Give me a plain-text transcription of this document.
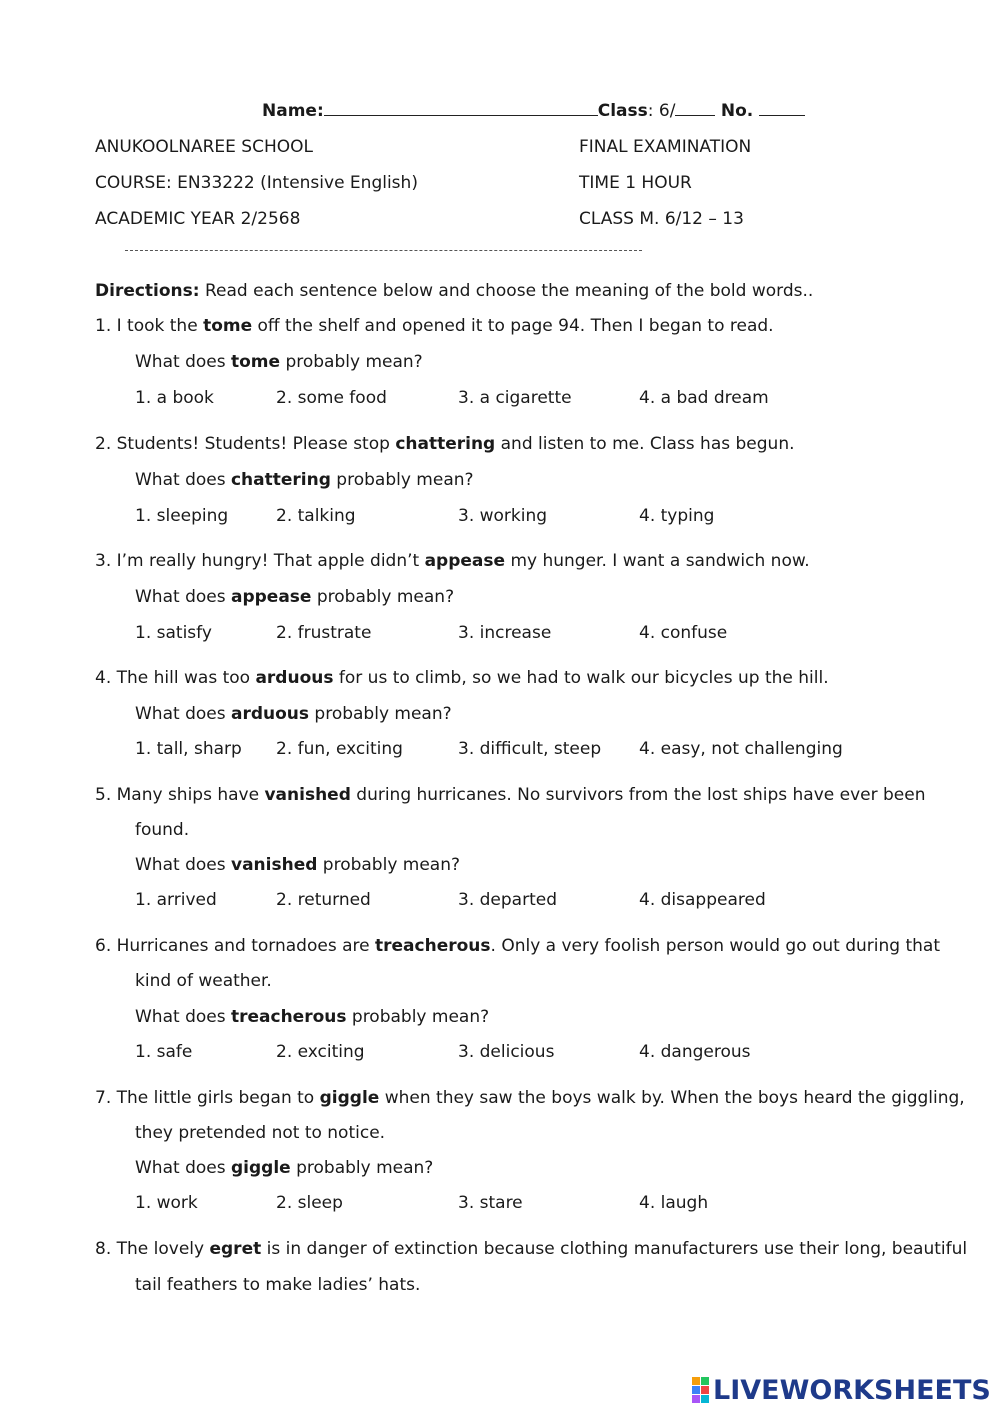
Name:	Class: 6/	No.
ANUKOOLNAREE SCHOOL	FINAL EXAMINATION
COURSE: EN33222 (Intensive English)	TIME 1 HOUR
ACADEMIC YEAR 2/2568	CLASS M. 6/12 – 13
Directions: Read each sentence below and choose the meaning of the bold words..
1. I took the tome off the shelf and opened it to page 94. Then I began to read.
What does tome probably mean?
1. a book	2. some food	3. a cigarette	4. a bad dream
2. Students! Students! Please stop chattering and listen to me. Class has begun.
What does chattering probably mean?
1. sleeping	2. talking	3. working	4. typing
3. I’m really hungry! That apple didn’t appease my hunger. I want a sandwich now.
What does appease probably mean?
1. satisfy	2. frustrate	3. increase	4. confuse
4. The hill was too arduous for us to climb, so we had to walk our bicycles up the hill.
What does arduous probably mean?
1. tall, sharp 2. fun, exciting	3. difficult, steep 4. easy, not challenging
5. Many ships have vanished during hurricanes. No survivors from the lost ships have ever been
found.
What does vanished probably mean?
1. arrived	2. returned	3. departed	4. disappeared
6. Hurricanes and tornadoes are treacherous. Only a very foolish person would go out during that
kind of weather.
What does treacherous probably mean?
1. safe	2. exciting	3. delicious	4. dangerous
7. The little girls began to giggle when they saw the boys walk by. When the boys heard the giggling,
they pretended not to notice.
What does giggle probably mean?
1. work	2. sleep	3. stare	4. laugh
8. The lovely egret is in danger of extinction because clothing manufacturers use their long, beautiful
tail feathers to make ladies’ hats.
LIVEWORKSHEETS
